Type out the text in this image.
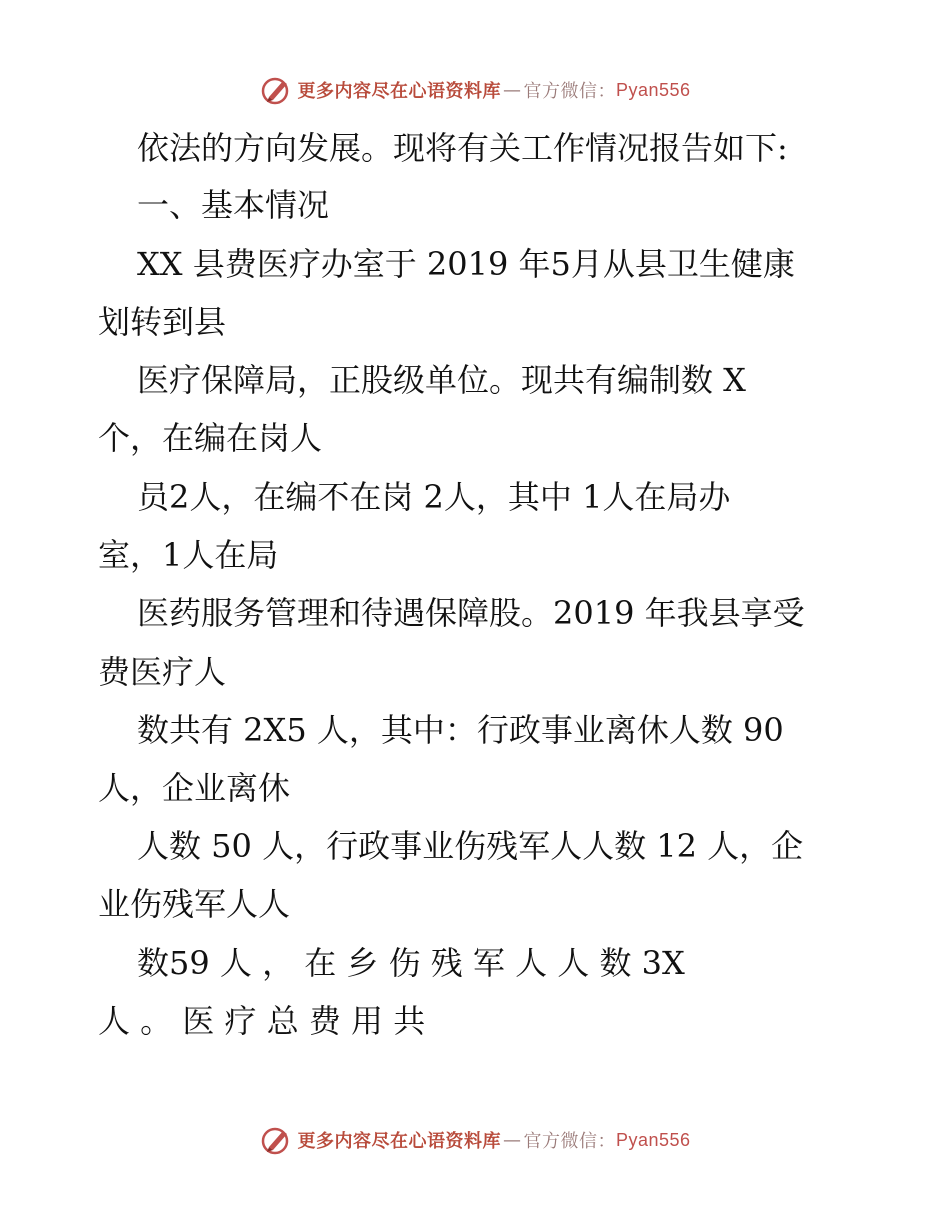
更多内容尽在心语资料库 — 官方微信： Pyan556
依法的方向发展。现将有关工作情况报告如下:
一、基本情况
XX 县费医疗办室于 2019 年5月从县卫生健康
划转到县
医疗保障局，正股级单位。现共有编制数 X
个，在编在岗人
员2人，在编不在岗 2人，其中 1人在局办
室，1人在局
医药服务管理和待遇保障股。2019 年我县享受
费医疗人
数共有 2X5 人，其中：行政事业离休人数 90
人，企业离休
人数 50 人，行政事业伤残军人人数 12 人，企
业伤残军人人
数59 人 ， 在 乡 伤 残 军 人 人 数 3X
人 。 医 疗 总 费 用 共
更多内容尽在心语资料库 — 官方微信： Pyan556
